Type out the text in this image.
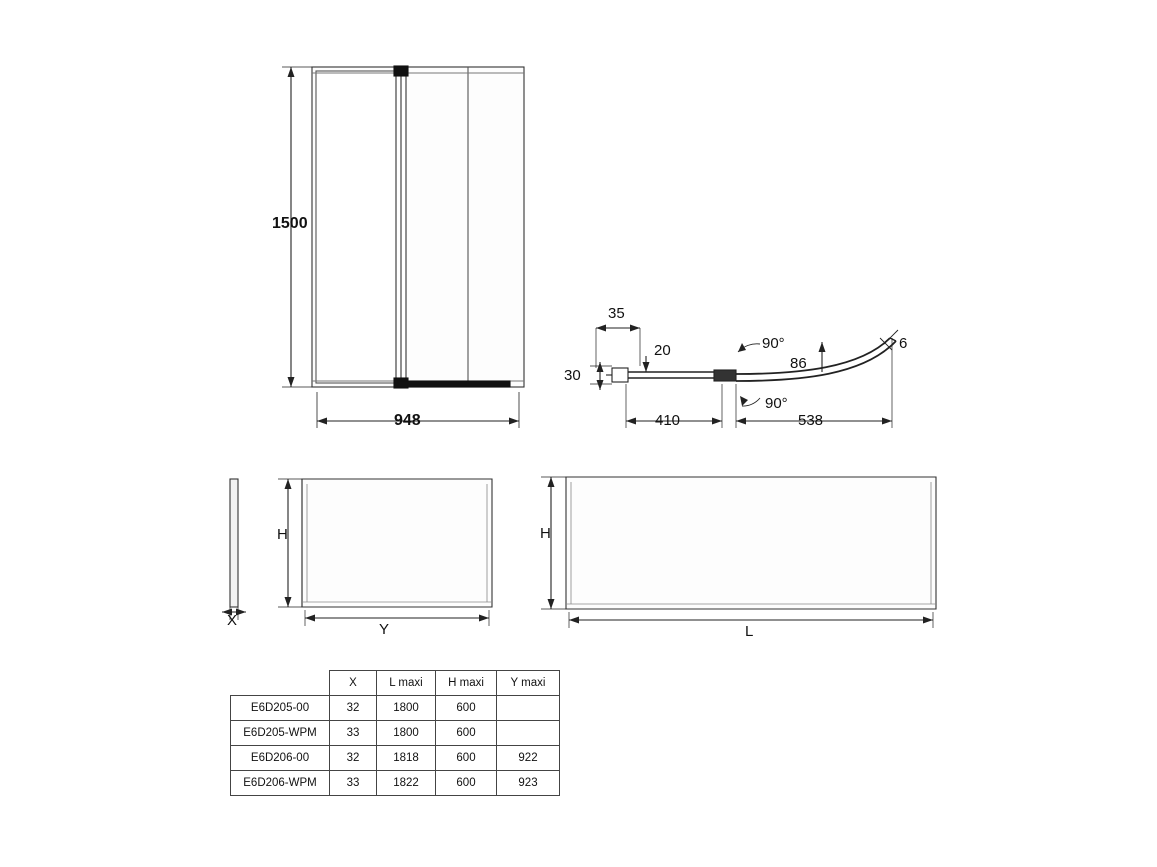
1500
948
35
20
30
90°
86
6
410
90°
538
X
H
Y
H
L
	X	L maxi	H maxi	Y maxi
E6D205-00	32	1800	600	
E6D205-WPM	33	1800	600	
E6D206-00	32	1818	600	922
E6D206-WPM	33	1822	600	923
